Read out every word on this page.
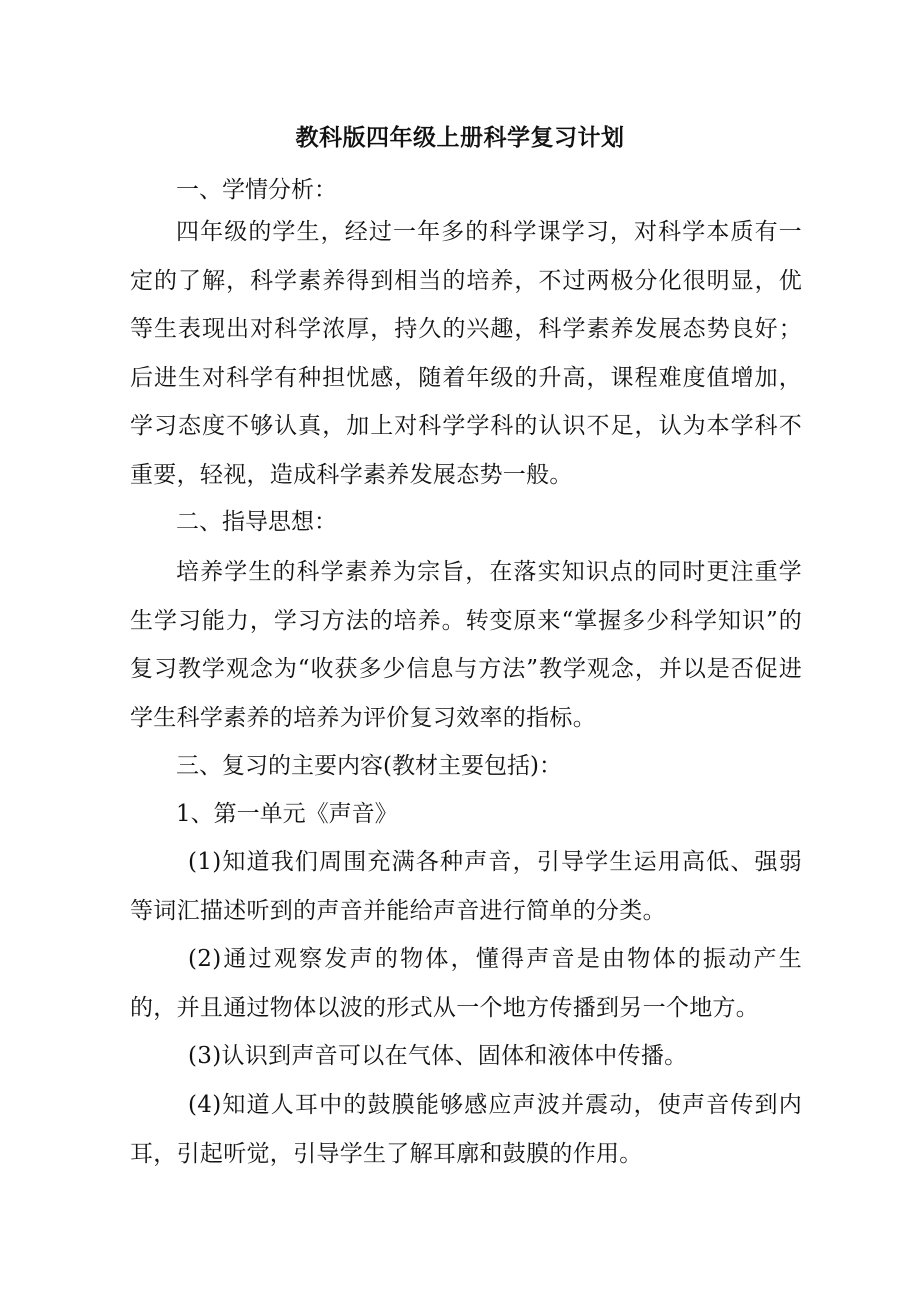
教科版四年级上册科学复习计划
一、学情分析：

四年级的学生，经过一年多的科学课学习，对科学本质有一定的了解，科学素养得到相当的培养，不过两极分化很明显，优等生表现出对科学浓厚，持久的兴趣，科学素养发展态势良好；后进生对科学有种担忧感，随着年级的升高，课程难度值增加，学习态度不够认真，加上对科学学科的认识不足，认为本学科不重要，轻视，造成科学素养发展态势一般。

二、指导思想：

培养学生的科学素养为宗旨，在落实知识点的同时更注重学生学习能力，学习方法的培养。转变原来“掌握多少科学知识”的复习教学观念为“收获多少信息与方法”教学观念，并以是否促进学生科学素养的培养为评价复习效率的指标。

三、复习的主要内容(教材主要包括)：
1、第一单元《声音》

(1)知道我们周围充满各种声音，引导学生运用高低、强弱等词汇描述听到的声音并能给声音进行简单的分类。

(2)通过观察发声的物体，懂得声音是由物体的振动产生的，并且通过物体以波的形式从一个地方传播到另一个地方。

(3)认识到声音可以在气体、固体和液体中传播。

(4)知道人耳中的鼓膜能够感应声波并震动，使声音传到内耳，引起听觉，引导学生了解耳廓和鼓膜的作用。
